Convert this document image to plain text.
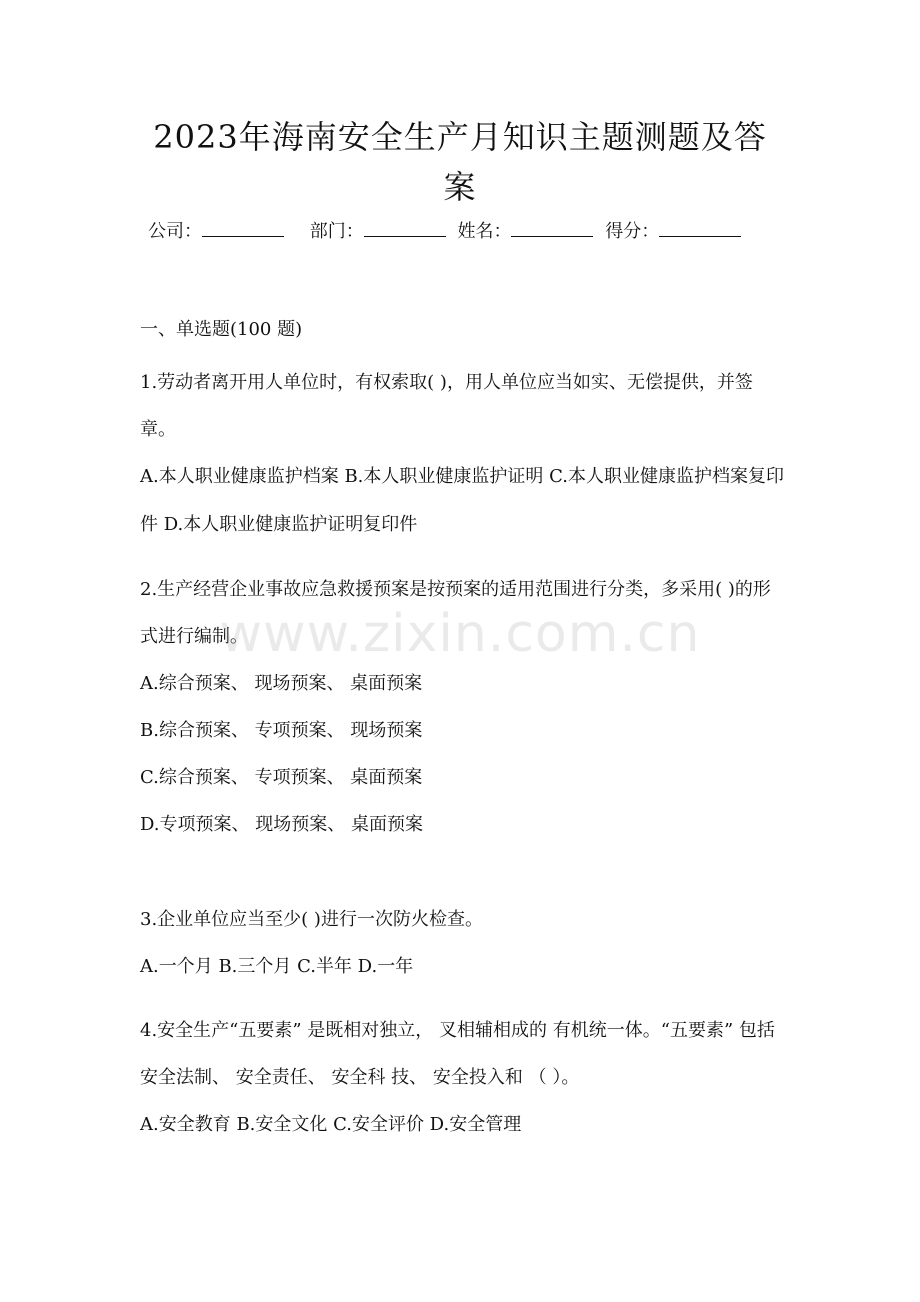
2023年海南安全生产月知识主题测题及答案
公司：	部门：	姓名：	得分：

一、单选题(100 题)

1.劳动者离开用人单位时，有权索取( )，用人单位应当如实、无偿提供，并签章。

A.本人职业健康监护档案 B.本人职业健康监护证明 C.本人职业健康监护档案复印件 D.本人职业健康监护证明复印件

2.生产经营企业事故应急救援预案是按预案的适用范围进行分类，多采用( )的形式进行编制。

A.综合预案、 现场预案、 桌面预案

B.综合预案、 专项预案、 现场预案

C.综合预案、 专项预案、 桌面预案

D.专项预案、 现场预案、 桌面预案

3.企业单位应当至少( )进行一次防火检查。

A.一个月 B.三个月 C.半年 D.一年

4.安全生产“五要素” 是既相对独立， 叉相辅相成的 有机统一体。“五要素” 包括安全法制、 安全责任、 安全科 技、 安全投入和 （ ）。

A.安全教育 B.安全文化 C.安全评价 D.安全管理

www.zixin.com.cn
